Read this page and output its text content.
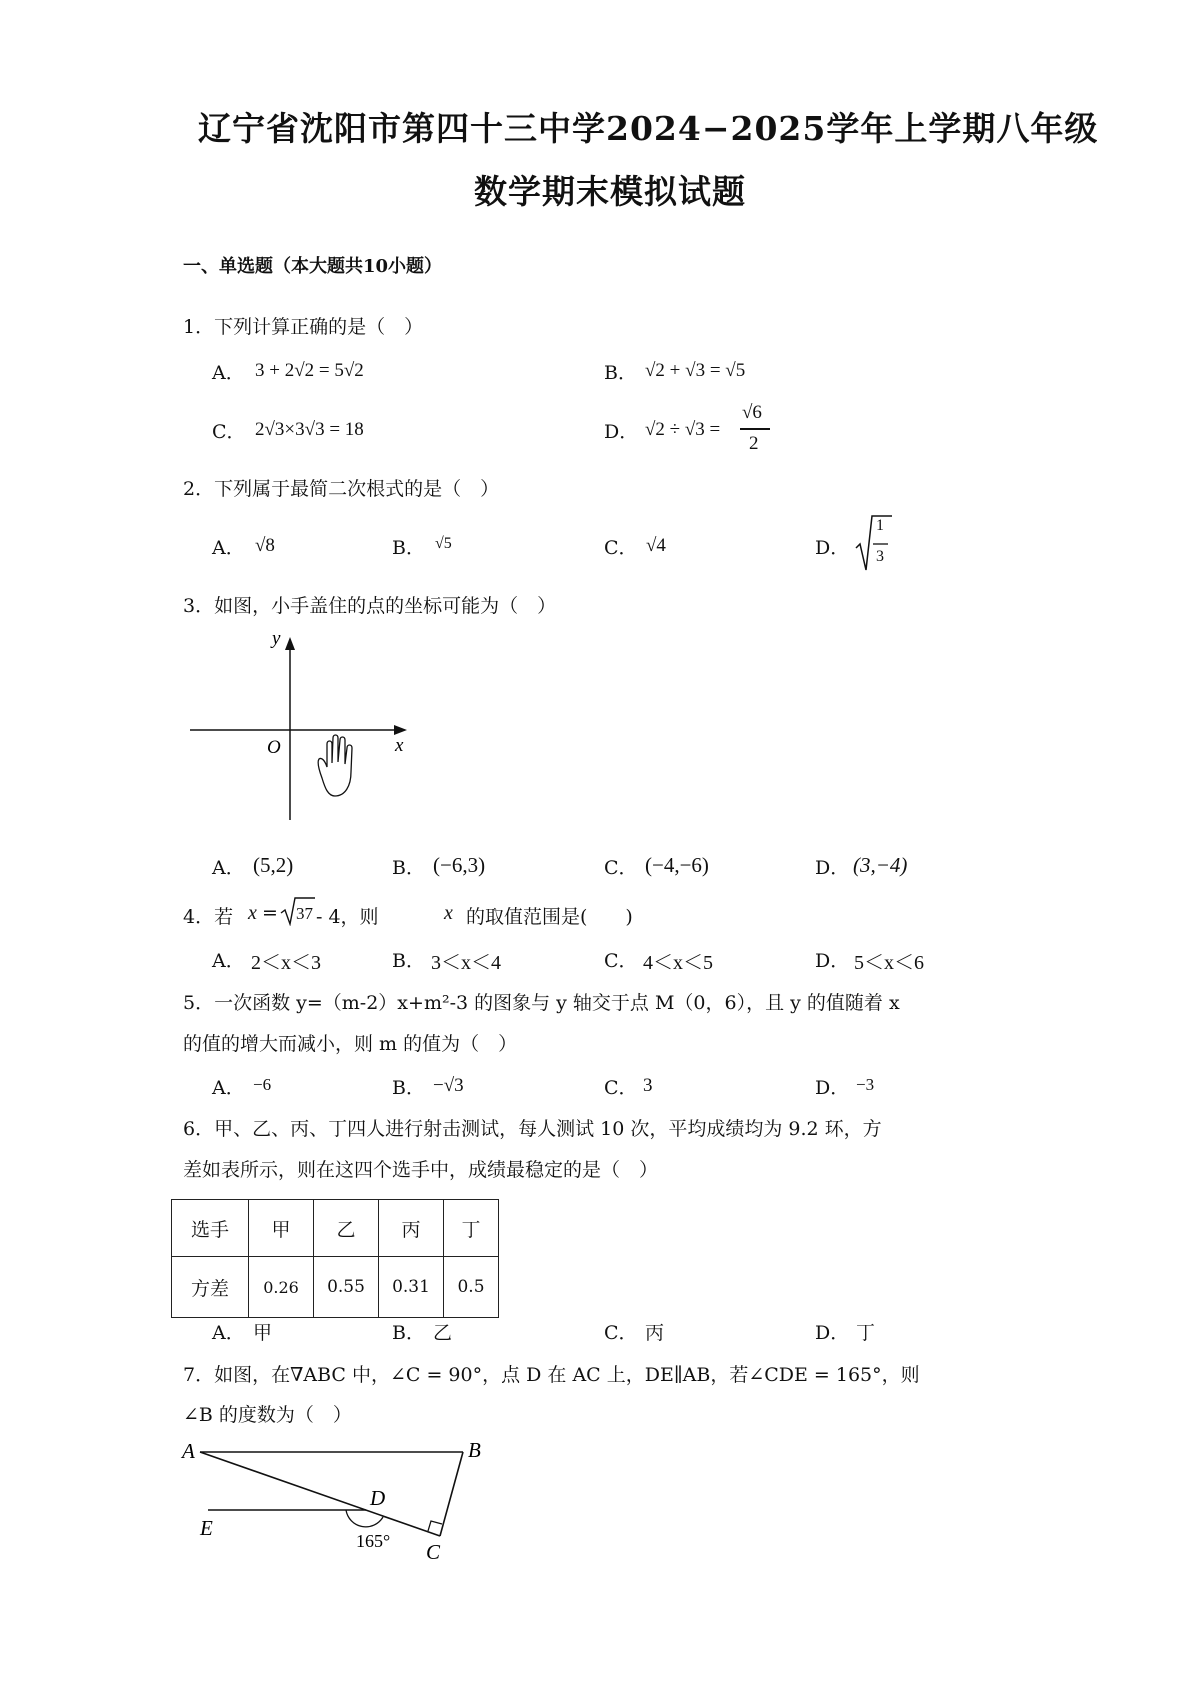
辽宁省沈阳市第四十三中学2024−2025学年上学期八年级
数学期末模拟试题
一、单选题（本大题共10小题）
1．下列计算正确的是（　）
A． 3 + 2√2 = 5√2	B． √2 + √3 = √5
C． 2√3×3√3 = 18	D． √2 ÷ √3 =
√6
2
2．下列属于最简二次根式的是（　）
A． √8	B． √5	C． √4	D．
1
3
3．如图，小手盖住的点的坐标可能为（　）
y
x
O
A． (5,2)	B． (−6,3)	C． (−4,−6)	D． (3,−4)
4．若 x = 37 - 4，则	x 的取值范围是(　　)
A． 2＜x＜3	B． 3＜x＜4	C． 4＜x＜5	D． 5＜x＜6
5．一次函数 y=（m-2）x+m²-3 的图象与 y 轴交于点 M（0，6），且 y 的值随着 x
的值的增大而减小，则 m 的值为（　）
A． −6	B． −√3	C． 3	D． −3
6．甲、乙、丙、丁四人进行射击测试，每人测试 10 次，平均成绩均为 9.2 环，方
差如表所示，则在这四个选手中，成绩最稳定的是（　）
选手	甲	乙	丙	丁
方差	0.26	0.55	0.31	0.5
A． 甲	B． 乙	C． 丙	D． 丁
7．如图，在∇ABC 中，∠C = 90°，点 D 在 AC 上，DE∥AB，若∠CDE = 165°，则
∠B 的度数为（　）
A	B
C
D
E
165°
